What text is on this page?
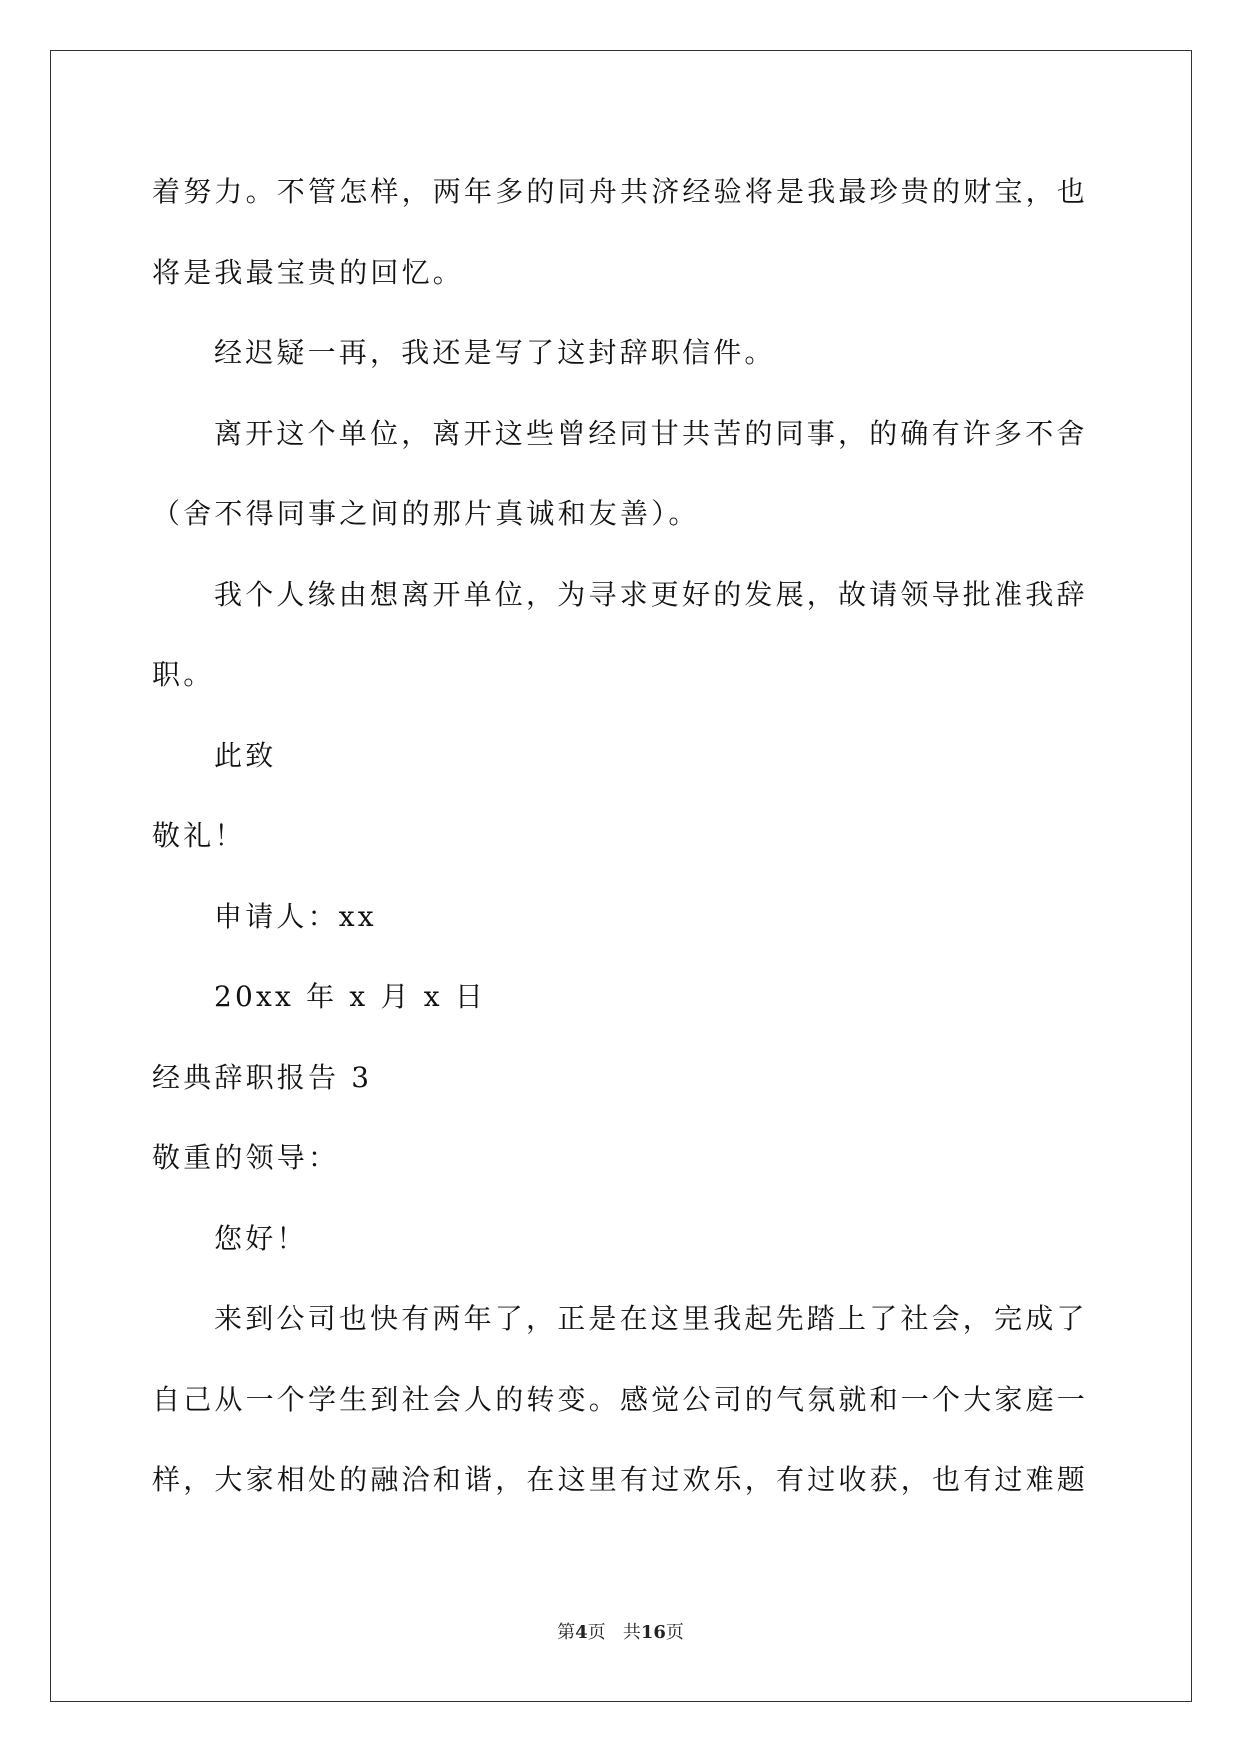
着努力。不管怎样，两年多的同舟共济经验将是我最珍贵的财宝，也
将是我最宝贵的回忆。
经迟疑一再，我还是写了这封辞职信件。
离开这个单位，离开这些曾经同甘共苦的同事，的确有许多不舍
（舍不得同事之间的那片真诚和友善）。
我个人缘由想离开单位，为寻求更好的发展，故请领导批准我辞
职。
此致
敬礼！
申请人：xx
20xx 年 x 月 x 日
经典辞职报告 3
敬重的领导：
您好！
来到公司也快有两年了，正是在这里我起先踏上了社会，完成了
自己从一个学生到社会人的转变。感觉公司的气氛就和一个大家庭一
样，大家相处的融洽和谐，在这里有过欢乐，有过收获，也有过难题
第4页 共16页
